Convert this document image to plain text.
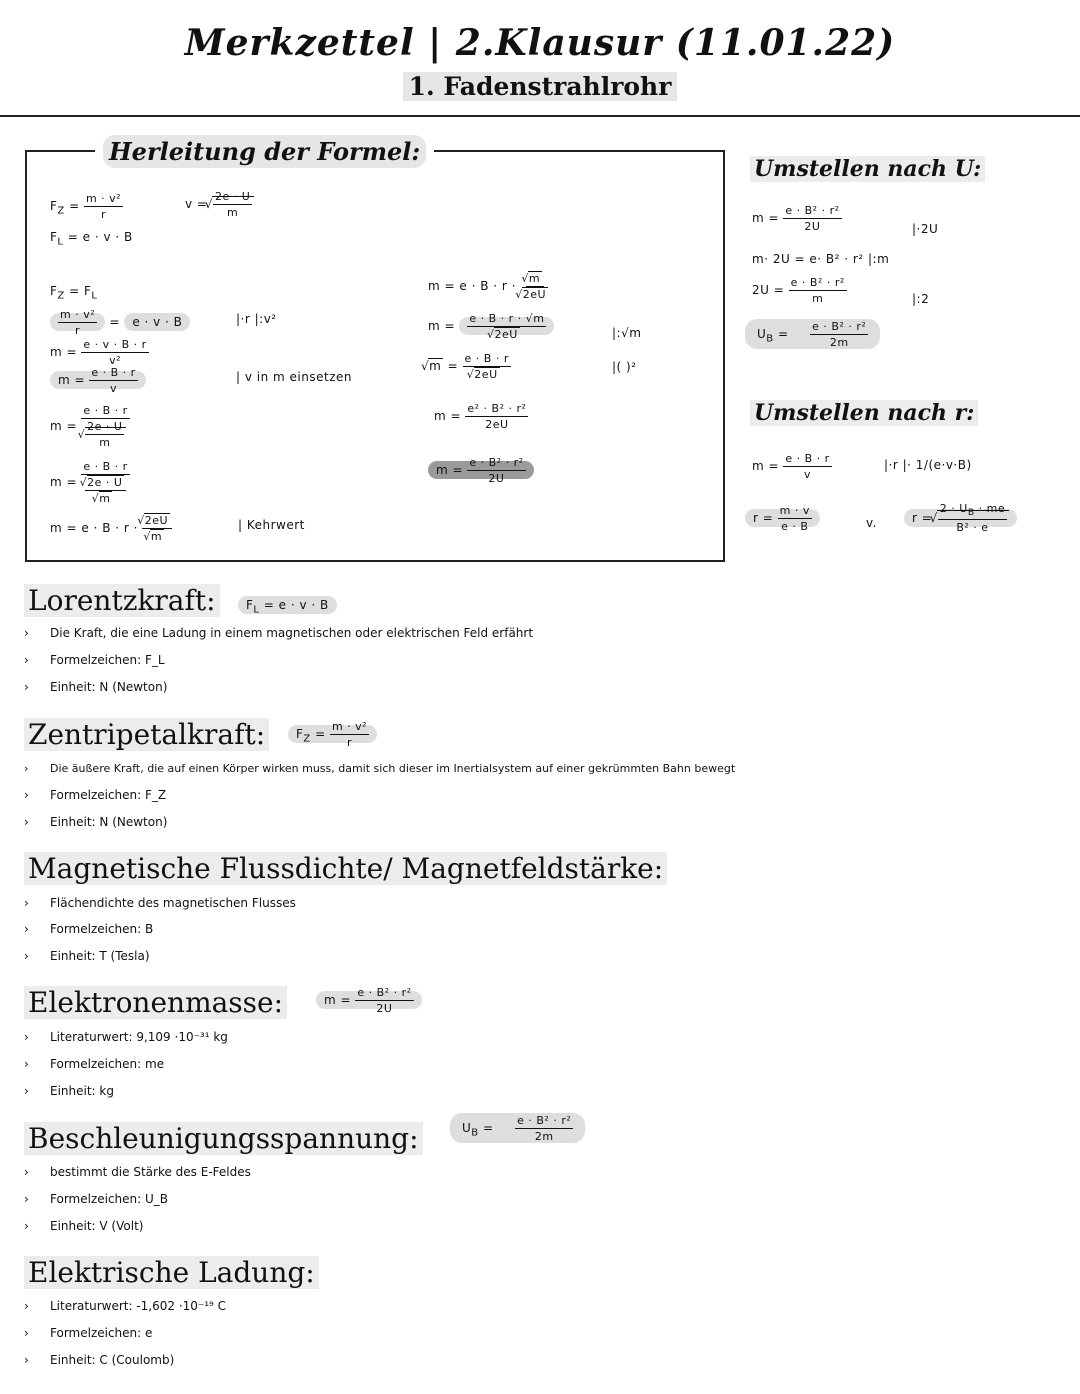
Merkzettel | 2.Klausur (11.01.22)
1. Fadenstrahlrohr
Herleitung der Formel:
$F_Z = \frac{\text{m · v²}}{r}$	v = √ $\frac{2e \cdot U}{m}$
$F_L = e \cdot v \cdot B$
$F_Z = F_L$
$\frac{\text{m · v²}}{r} = e \cdot v \cdot B$	|·r |:v²
$m = \frac{e \cdot v \cdot B \cdot r}{\text{v²}}$
$m = \frac{e \cdot B \cdot r}{v}$	| v in m einsetzen
m = e · B · r
√ $\frac{2e \cdot U}{m}$
m = e · B · r
√ 2e · U
√ m
m = e · B · r · √ 2eU
√ m	| Kehrwert
m = e · B · r · √ m
√ 2eU
m = e · B · r · √m
√ 2eU	|:√m
√ m = e · B · r
√ 2eU	|( )²
$m = \frac{\text{e² · B² · r²}}{2eU}$
$m = \frac{\text{e · B² · r²}}{2U}$
Umstellen nach U:
$m = \frac{\text{e · B² · r²}}{2U}$	|·2U
m· 2U = e· B² · r² |:m
$2U = \frac{\text{e · B² · r²}}{m}$	|:2
$U_B = \frac{\text{e · B² · r²}}{2m}$
Umstellen nach r:
$m = \frac{e \cdot B \cdot r}{v}$	|·r |· 1/(e·v·B)
$r = \frac{m \cdot v}{e \cdot B}$	v.	r = √ $\frac{2 \cdot U_B \cdot me}{\text{B² · e}}$
Lorentzkraft:	$F_L = e \cdot v \cdot B$
› Die Kraft, die eine Ladung in einem magnetischen oder elektrischen Feld erfährt
› Formelzeichen: F_L
› Einheit: N (Newton)
Zentripetalkraft:	$F_Z = \frac{\text{m · v²}}{r}$
› Die äußere Kraft, die auf einen Körper wirken muss, damit sich dieser im Inertialsystem auf einer gekrümmten Bahn bewegt
› Formelzeichen: F_Z
› Einheit: N (Newton)
Magnetische Flussdichte/ Magnetfeldstärke:
› Flächendichte des magnetischen Flusses
› Formelzeichen: B
› Einheit: T (Tesla)
Elektronenmasse:	$m = \frac{\text{e · B² · r²}}{2U}$
› Literaturwert: 9,109 ·10⁻³¹ kg
› Formelzeichen: me
› Einheit: kg
Beschleunigungsspannung:	$U_B = \frac{\text{e · B² · r²}}{2m}$
› bestimmt die Stärke des E-Feldes
› Formelzeichen: U_B
› Einheit: V (Volt)
Elektrische Ladung:
› Literaturwert: -1,602 ·10⁻¹⁹ C
› Formelzeichen: e
› Einheit: C (Coulomb)
